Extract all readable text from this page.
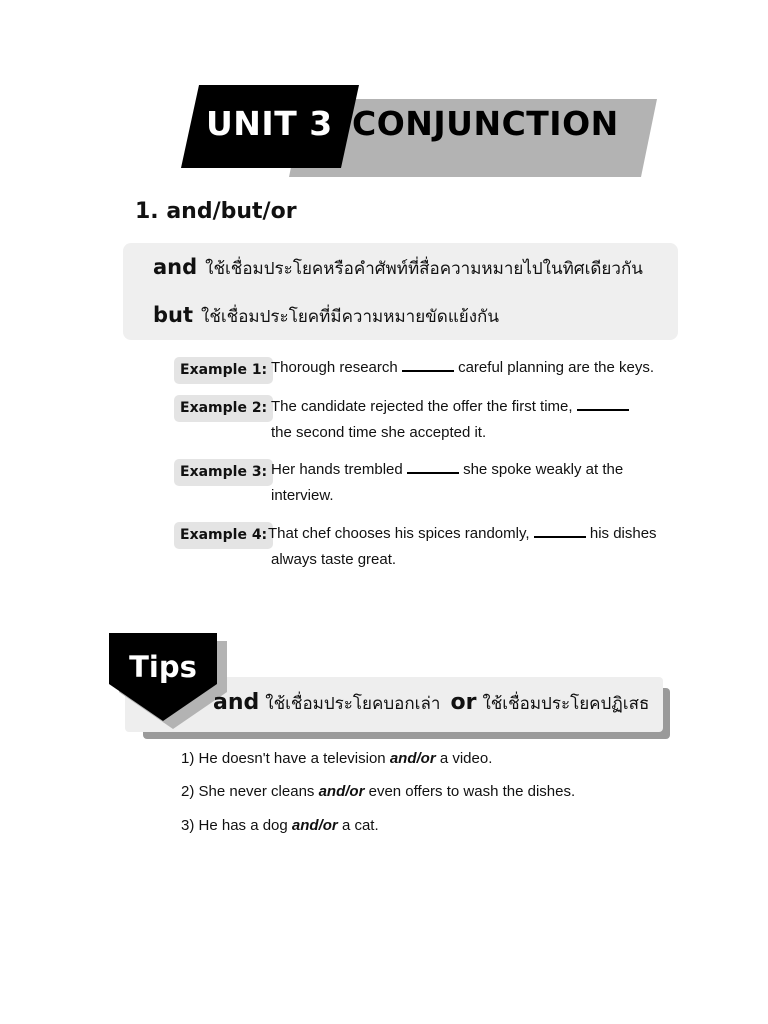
UNIT 3 CONJUNCTION
1. and/but/or
and ใช้เชื่อมประโยคหรือคำศัพท์ที่สื่อความหมายไปในทิศเดียวกัน
but ใช้เชื่อมประโยคที่มีความหมายขัดแย้งกัน
Example 1: Thorough research	careful planning are the keys.
Example 2: The candidate rejected the offer the first time,
the second time she accepted it.
Example 3: Her hands trembled	she spoke weakly at the
interview.
Example 4: That chef chooses his spices randomly,	his dishes
always taste great.
Tips
and ใช้เชื่อมประโยคบอกเล่า or ใช้เชื่อมประโยคปฏิเสธ
1) He doesn't have a television and/or a video.
2) She never cleans and/or even offers to wash the dishes.
3) He has a dog and/or a cat.
